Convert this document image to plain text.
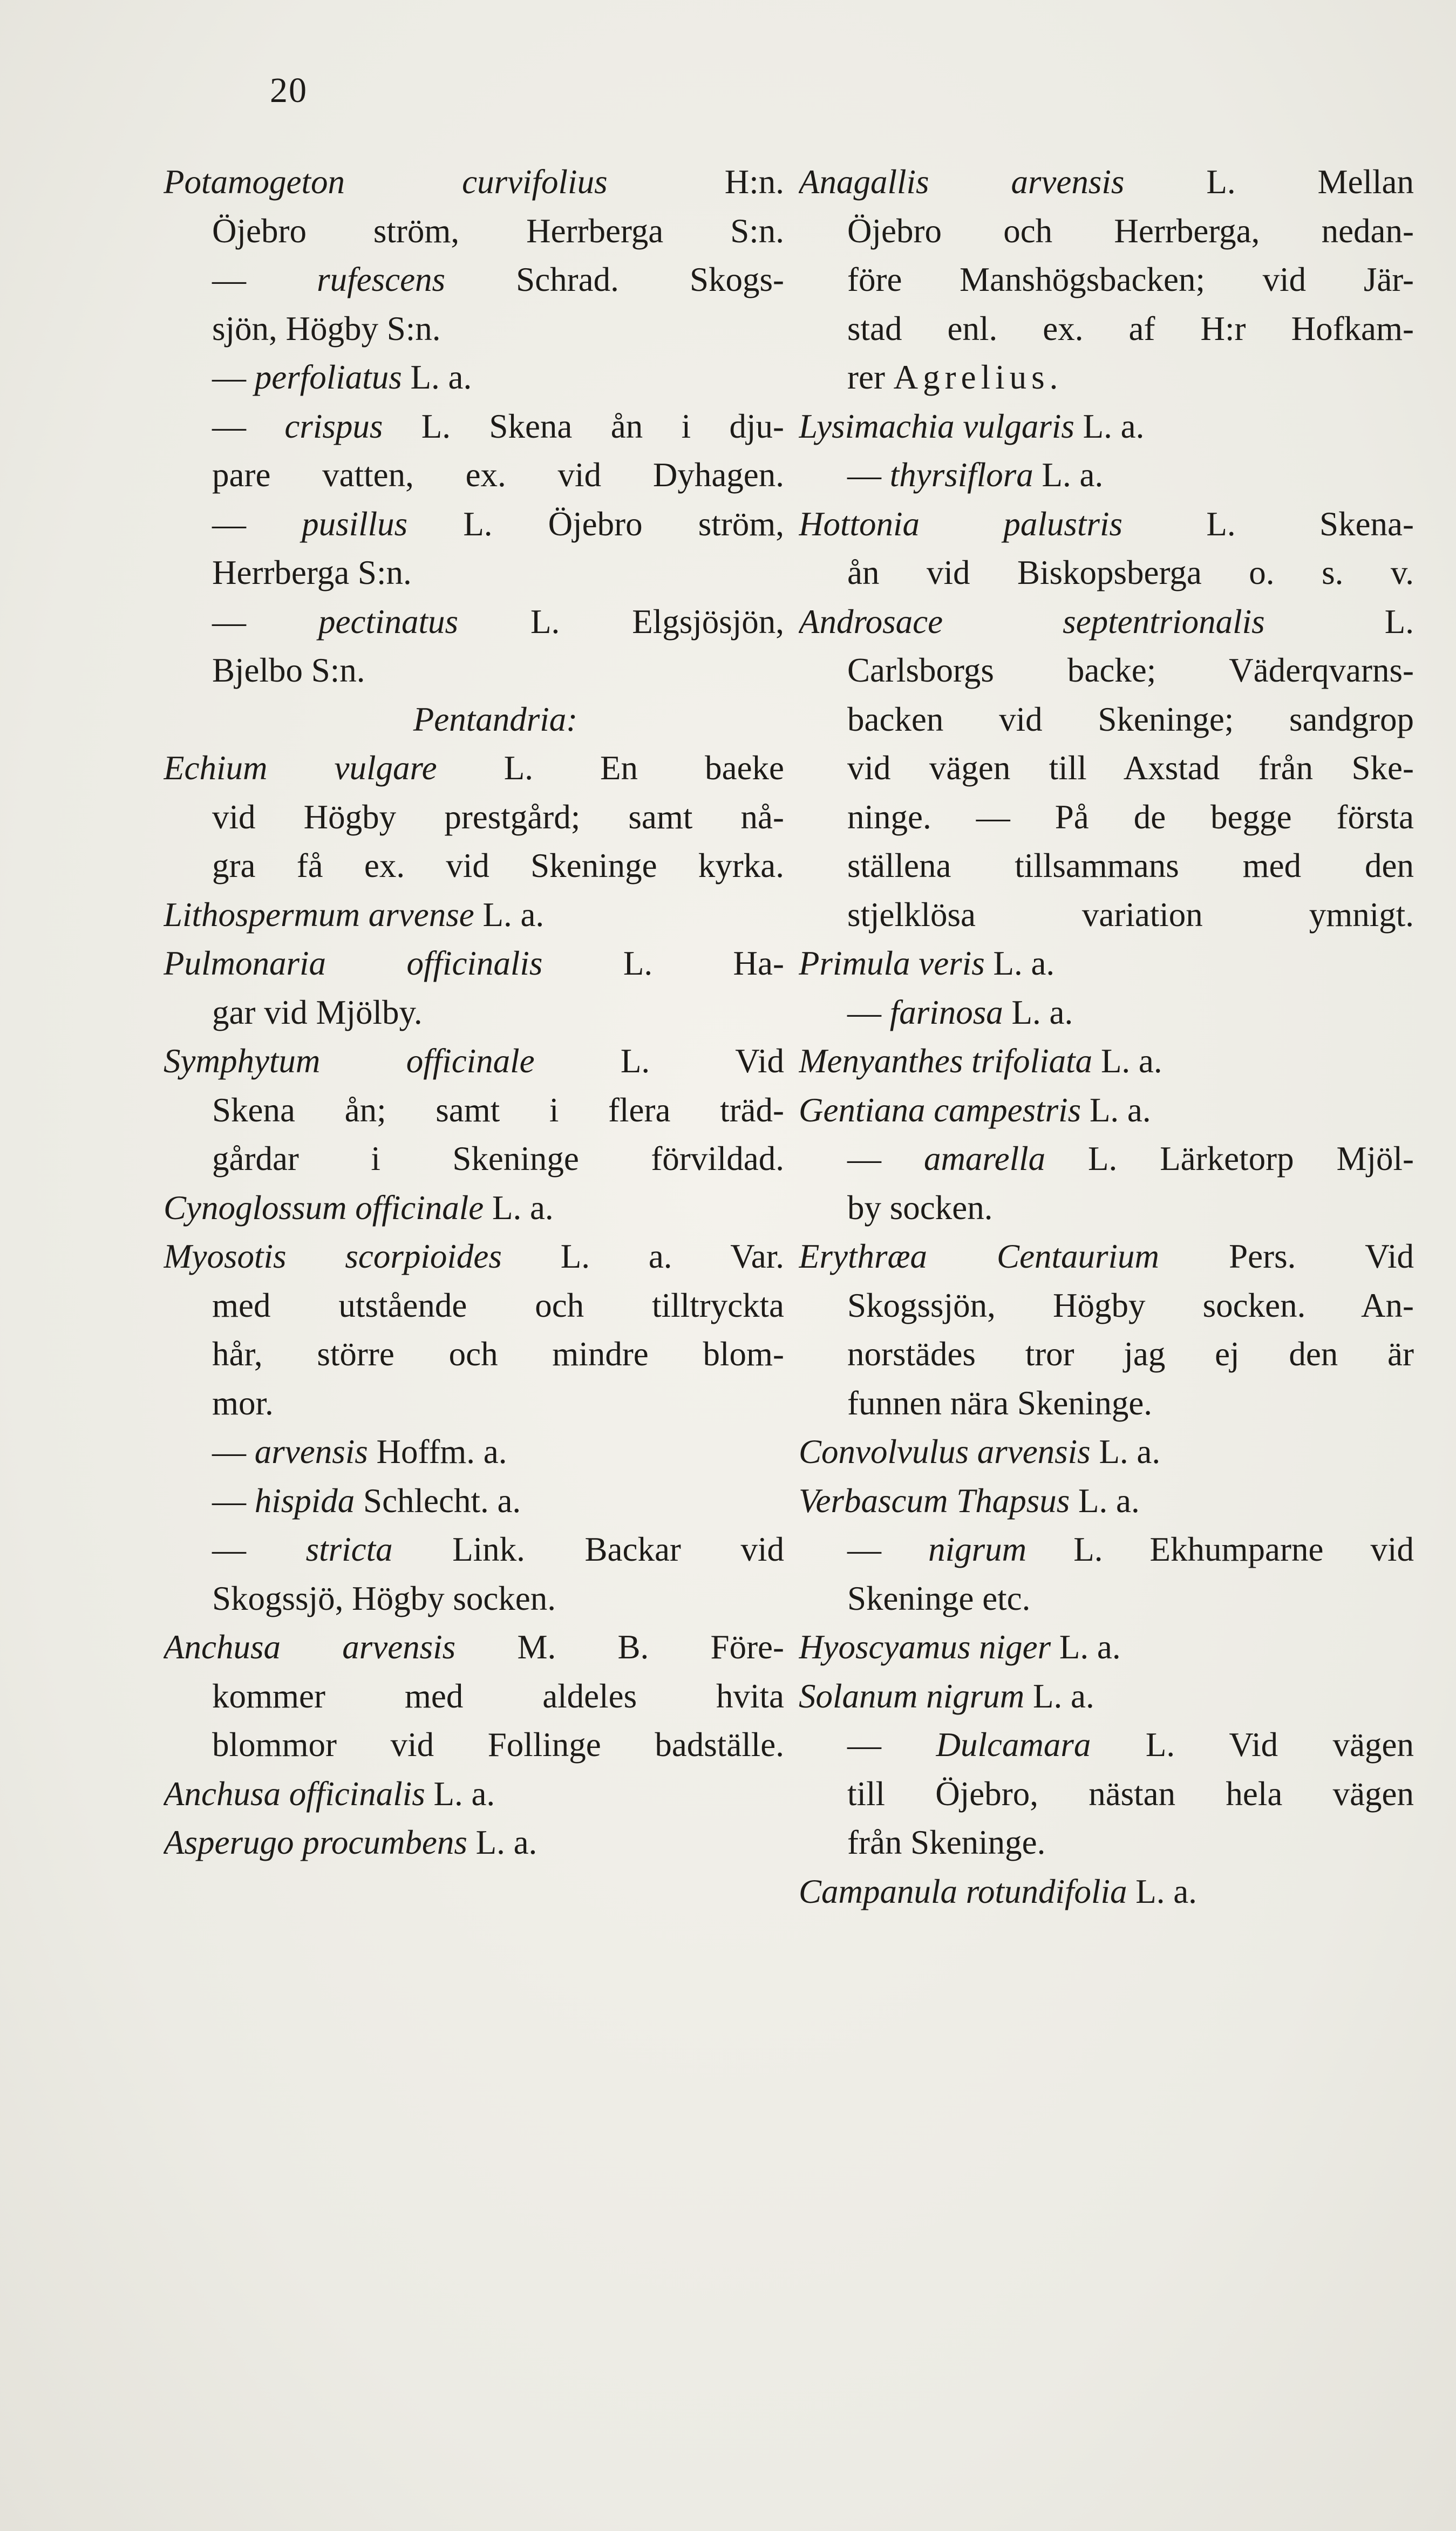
20
Potamogeton	curvifolius H:n.
Öjebro ström, Herrberga S:n.
— rufescens Schrad. Skogs-
sjön, Högby S:n.
— perfoliatus L. a.
— crispus L. Skena ån i dju-
pare vatten, ex. vid Dyhagen.
— pusillus L. Öjebro ström,
Herrberga S:n.
— pectinatus L. Elgsjösjön,
Bjelbo S:n.
Pentandria:
Echium vulgare L. En baeke
vid Högby prestgård; samt nå-
gra få ex. vid Skeninge kyrka.
Lithospermum arvense L. a.
Pulmonaria officinalis L. Ha-
gar vid Mjölby.
Symphytum officinale L. Vid
Skena ån; samt i flera träd-
gårdar i Skeninge förvildad.
Cynoglossum officinale L. a.
Myosotis scorpioides L. a. Var.
med utstående och tilltryckta
hår, större och mindre blom-
mor.
— arvensis Hoffm. a.
— hispida Schlecht. a.
— stricta Link. Backar vid
Skogssjö, Högby socken.
Anchusa arvensis M. B. Före-
kommer med aldeles hvita
blommor vid Follinge badställe.
Anchusa officinalis L. a.
Asperugo procumbens L. a.
Anagallis arvensis L. Mellan
Öjebro och Herrberga, nedan-
före Manshögsbacken; vid Jär-
stad enl. ex. af H:r Hofkam-
rer Agrelius.
Lysimachia vulgaris L. a.
— thyrsiflora L. a.
Hottonia palustris L. Skena-
ån vid Biskopsberga o. s. v.
Androsace septentrionalis L.
Carlsborgs backe; Väderqvarns-
backen vid Skeninge; sandgrop
vid vägen till Axstad från Ske-
ninge. — På de begge första
ställena tillsammans med den
stjelklösa variation ymnigt.
Primula veris L. a.
— farinosa L. a.
Menyanthes trifoliata L. a.
Gentiana campestris L. a.
— amarella L. Lärketorp Mjöl-
by socken.
Erythræa Centaurium Pers. Vid
Skogssjön, Högby socken. An-
norstädes tror jag ej den är
funnen nära Skeninge.
Convolvulus arvensis L. a.
Verbascum Thapsus L. a.
— nigrum L. Ekhumparne vid
Skeninge etc.
Hyoscyamus niger L. a.
Solanum nigrum L. a.
— Dulcamara L. Vid vägen
till Öjebro, nästan hela vägen
från Skeninge.
Campanula rotundifolia L. a.
